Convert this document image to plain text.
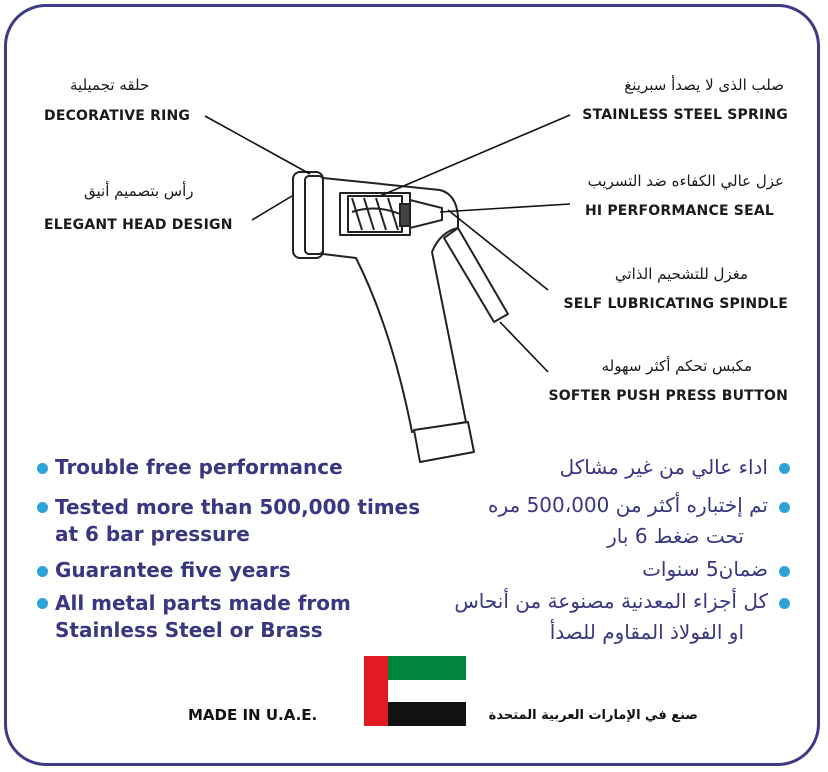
حلقه تجميلية
DECORATIVE RING
رأس بتصميم أنيق
ELEGANT HEAD DESIGN
صلب الذى لا يصدأ سبرينغ
STAINLESS STEEL SPRING
عزل عالي الكفاءه ضد التسريب
HI PERFORMANCE SEAL
مغزل للتشحيم الذاتي
SELF LUBRICATING SPINDLE
مكبس تحكم أكثر سهوله
SOFTER PUSH PRESS BUTTON
Trouble free performance
Tested more than 500,000 times
at 6 bar pressure
Guarantee five years
All metal parts made from
Stainless Steel or Brass
اداء عالي من غير مشاكل
تم إختباره أكثر من 500،000 مره
تحت ضغط 6 بار
ضمان5 سنوات
كل أجزاء المعدنية مصنوعة من أنحاس
او الفولاذ المقاوم للصدأ
MADE IN U.A.E.	صنع في الإمارات العربية المتحدة
